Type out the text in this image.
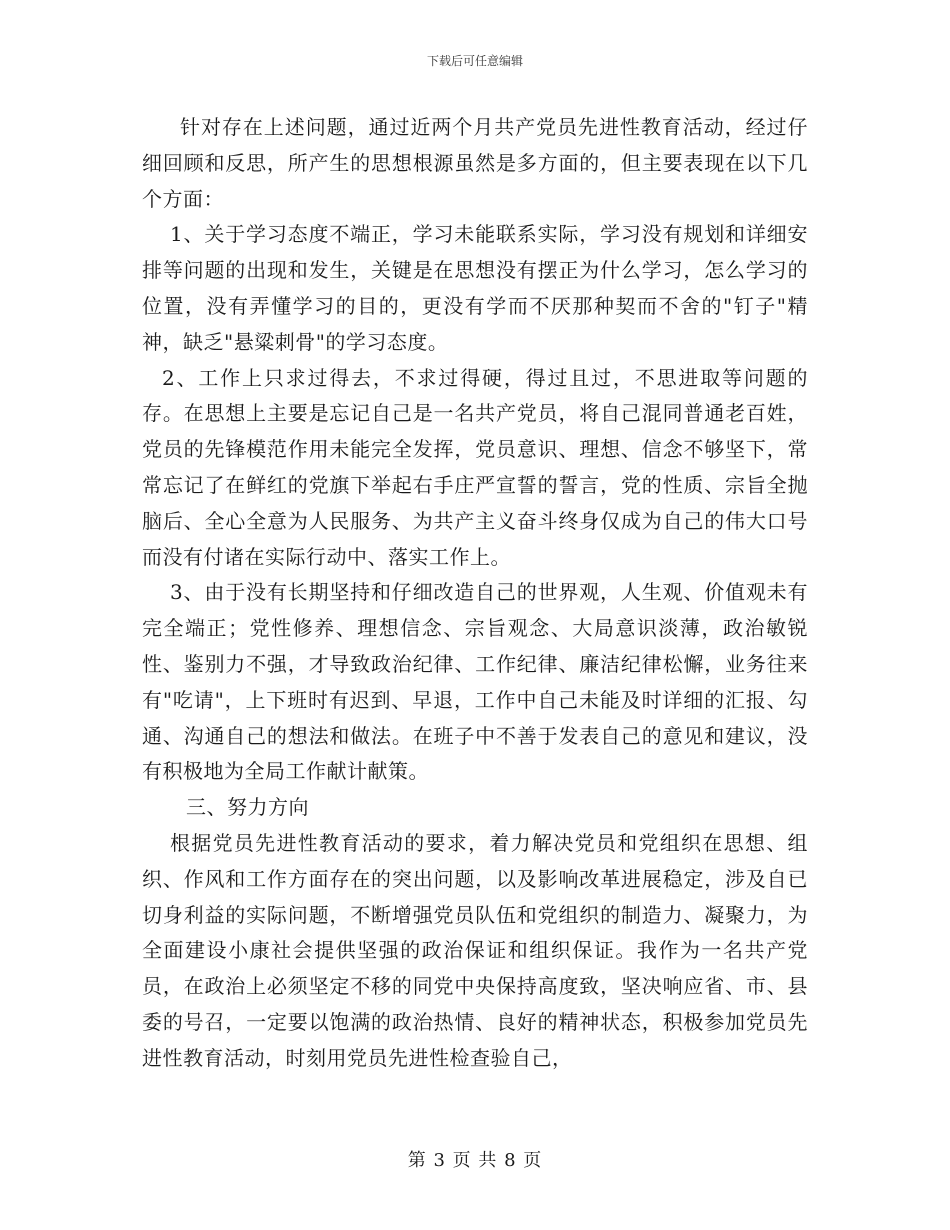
下载后可任意编辑

针对存在上述问题，通过近两个月共产党员先进性教育活动，经过仔细回顾和反思，所产生的思想根源虽然是多方面的，但主要表现在以下几个方面：

1、关于学习态度不端正，学习未能联系实际，学习没有规划和详细安排等问题的出现和发生，关键是在思想没有摆正为什么学习，怎么学习的位置，没有弄懂学习的目的，更没有学而不厌那种契而不舍的"钉子"精神，缺乏"悬粱刺骨"的学习态度。

2、工作上只求过得去，不求过得硬，得过且过，不思进取等问题的存。在思想上主要是忘记自己是一名共产党员，将自己混同普通老百姓，党员的先锋模范作用未能完全发挥，党员意识、理想、信念不够坚下，常常忘记了在鲜红的党旗下举起右手庄严宣誓的誓言，党的性质、宗旨全抛脑后、全心全意为人民服务、为共产主义奋斗终身仅成为自己的伟大口号而没有付诸在实际行动中、落实工作上。

3、由于没有长期坚持和仔细改造自己的世界观，人生观、价值观未有完全端正；党性修养、理想信念、宗旨观念、大局意识淡薄，政治敏锐性、鉴别力不强，才导致政治纪律、工作纪律、廉洁纪律松懈，业务往来有"吃请"，上下班时有迟到、早退，工作中自己未能及时详细的汇报、勾通、沟通自己的想法和做法。在班子中不善于发表自己的意见和建议，没有积极地为全局工作献计献策。

三、努力方向

根据党员先进性教育活动的要求，着力解决党员和党组织在思想、组织、作风和工作方面存在的突出问题，以及影响改革进展稳定，涉及自已切身利益的实际问题，不断增强党员队伍和党组织的制造力、凝聚力，为全面建设小康社会提供坚强的政治保证和组织保证。我作为一名共产党员，在政治上必须坚定不移的同党中央保持高度致，坚决响应省、市、县委的号召，一定要以饱满的政治热情、良好的精神状态，积极参加党员先进性教育活动，时刻用党员先进性检查验自己，

第 3 页 共 8 页
